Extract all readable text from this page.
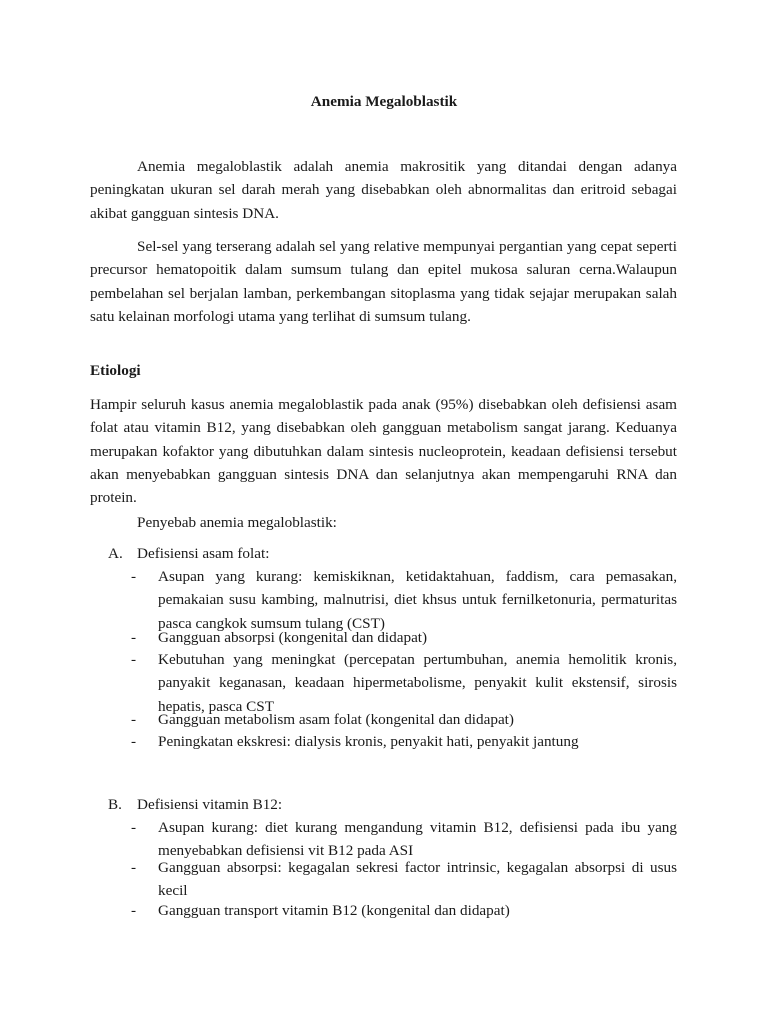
Anemia Megaloblastik

Anemia megaloblastik adalah anemia makrositik yang ditandai dengan adanya peningkatan ukuran sel darah merah yang disebabkan oleh abnormalitas dan eritroid sebagai akibat gangguan sintesis DNA.

Sel-sel yang terserang adalah sel yang relative mempunyai pergantian yang cepat seperti precursor hematopoitik dalam sumsum tulang dan epitel mukosa saluran cerna.Walaupun pembelahan sel berjalan lamban, perkembangan sitoplasma yang tidak sejajar merupakan salah satu kelainan morfologi utama yang terlihat di sumsum tulang.

Etiologi

Hampir seluruh kasus anemia megaloblastik pada anak (95%) disebabkan oleh defisiensi asam folat atau vitamin B12, yang disebabkan oleh gangguan metabolism sangat jarang. Keduanya merupakan kofaktor yang dibutuhkan dalam sintesis nucleoprotein, keadaan defisiensi tersebut akan menyebabkan gangguan sintesis DNA dan selanjutnya akan mempengaruhi RNA dan protein.

Penyebab anemia megaloblastik:
A. Defisiensi asam folat:
- Asupan yang kurang: kemiskiknan, ketidaktahuan, faddism, cara pemasakan, pemakaian susu kambing, malnutrisi, diet khsus untuk fernilketonuria, permaturitas pasca cangkok sumsum tulang (CST)
- Gangguan absorpsi (kongenital dan didapat)
- Kebutuhan yang meningkat (percepatan pertumbuhan, anemia hemolitik kronis, panyakit keganasan, keadaan hipermetabolisme, penyakit kulit ekstensif, sirosis hepatis, pasca CST
- Gangguan metabolism asam folat (kongenital dan didapat)
- Peningkatan ekskresi: dialysis kronis, penyakit hati, penyakit jantung
B. Defisiensi vitamin B12:
- Asupan kurang: diet kurang mengandung vitamin B12, defisiensi pada ibu yang menyebabkan defisiensi vit B12 pada ASI
- Gangguan absorpsi: kegagalan sekresi factor intrinsic, kegagalan absorpsi di usus kecil
- Gangguan transport vitamin B12 (kongenital dan didapat)
